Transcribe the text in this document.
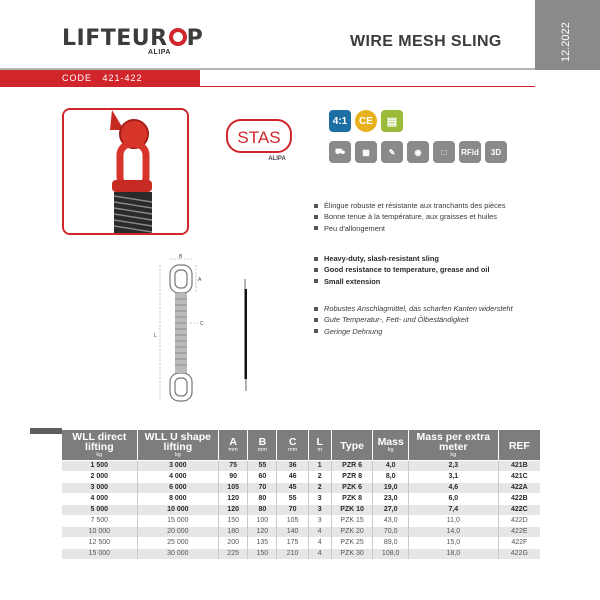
LIFTEUR P
ALIPA
WIRE MESH SLING	12.2022
CODE 421-422
STAS
ALIPA
4:1	CE	▤
⛟	▦	✎	◉	□	RFid	3D
Élingue robuste et résistante aux tranchants des pièces
Bonne tenue à la température, aux graisses et huiles
Peu d'allongement
Heavy-duty, slash-resistant sling
Good resistance to temperature, grease and oil
Small extension
Robustes Anschlagmittel, das scharfen Kanten widersteht
Gute Temperatur-, Fett- und Ölbeständigkeit
Geringe Dehnung
B
A
C
L
WLL direct lifting
kg	WLL U shape lifting
kg	A
mm	B
mm	C
mm	L
m	Type	Mass
kg	Mass per extra meter
kg	REF

1 500	3 000	75	55	36	1	PZR 6	4,0	2,3	421B
2 000	4 000	90	60	46	2	PZR 8	8,0	3,1	421C
3 000	6 000	105	70	45	2	PZK 6	19,0	4,6	422A
4 000	8 000	120	80	55	3	PZK 8	23,0	6,0	422B
5 000	10 000	120	80	70	3	PZK 10	27,0	7,4	422C
7 500	15 000	150	100	105	3	PZK 15	43,0	11,0	422D
10 000	20 000	180	120	140	4	PZK 20	70,0	14,0	422E
12 500	25 000	200	135	175	4	PZK 25	89,0	15,0	422F
15 000	30 000	225	150	210	4	PZK 30	108,0	18,0	422G
